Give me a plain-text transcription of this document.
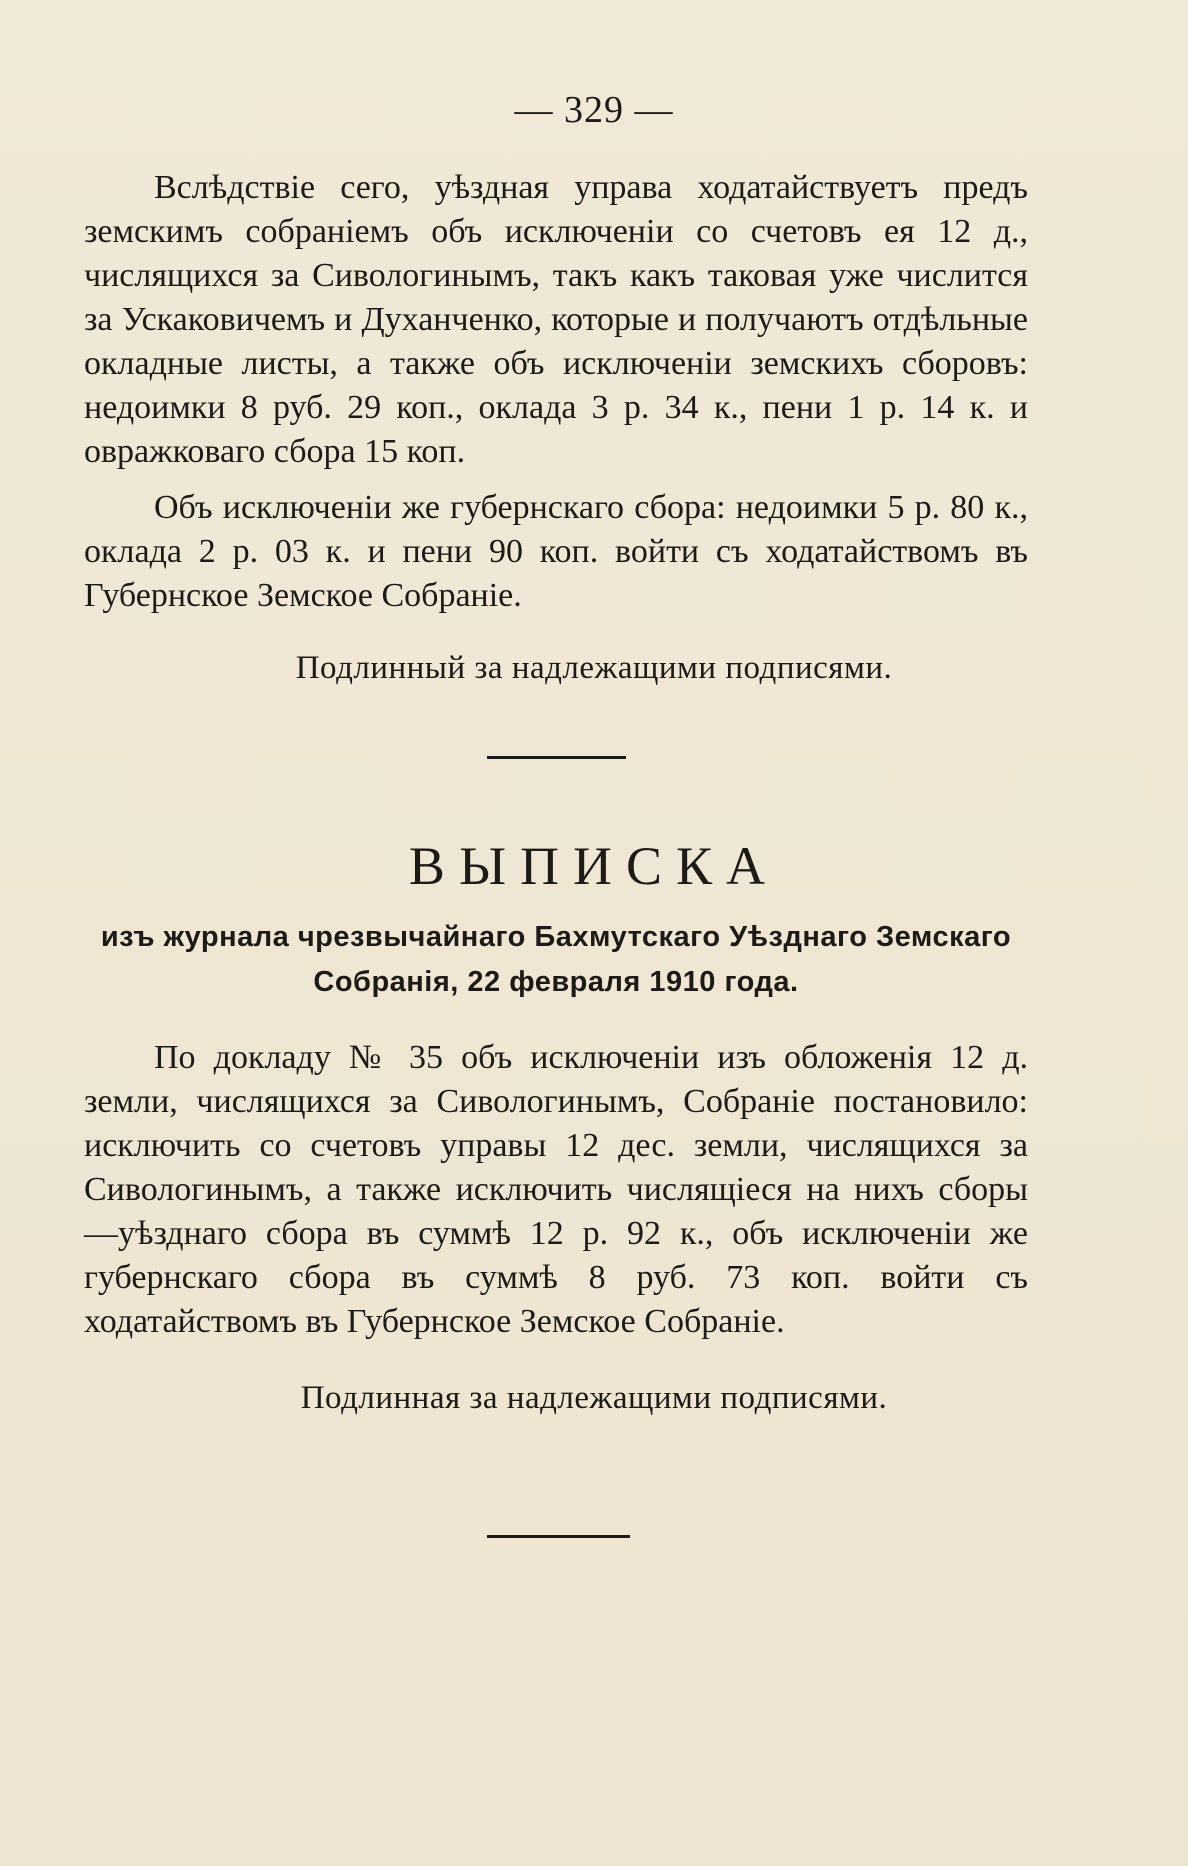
— 329 —

Вслѣдствіе сего, уѣздная управа ходатайствуетъ предъ земскимъ собраніемъ объ исключеніи со счетовъ ея 12 д., числящихся за Сивологинымъ, такъ какъ таковая уже числится за Ускаковичемъ и Духанченко, которые и получаютъ отдѣльные окладные листы, а также объ исключеніи земскихъ сборовъ: недоимки 8 руб. 29 коп., оклада 3 р. 34 к., пени 1 р. 14 к. и овражковаго сбора 15 коп.

Объ исключеніи же губернскаго сбора: недоимки 5 р. 80 к., оклада 2 р. 03 к. и пени 90 коп. войти съ ходатайствомъ въ Губернское Земское Собраніе.

Подлинный за надлежащими подписями.
ВЫПИСКА
изъ журнала чрезвычайнаго Бахмутскаго Уѣзднаго Земскаго
Собранія, 22 февраля 1910 года.

По докладу № 35 объ исключеніи изъ обложенія 12 д. земли, числящихся за Сивологинымъ, Собраніе постановило: исключить со счетовъ управы 12 дес. земли, числящихся за Сивологинымъ, а также исключить числящіеся на нихъ сборы —уѣзднаго сбора въ суммѣ 12 р. 92 к., объ исключеніи же губернскаго сбора въ суммѣ 8 руб. 73 коп. войти съ ходатайствомъ въ Губернское Земское Собраніе.

Подлинная за надлежащими подписями.
